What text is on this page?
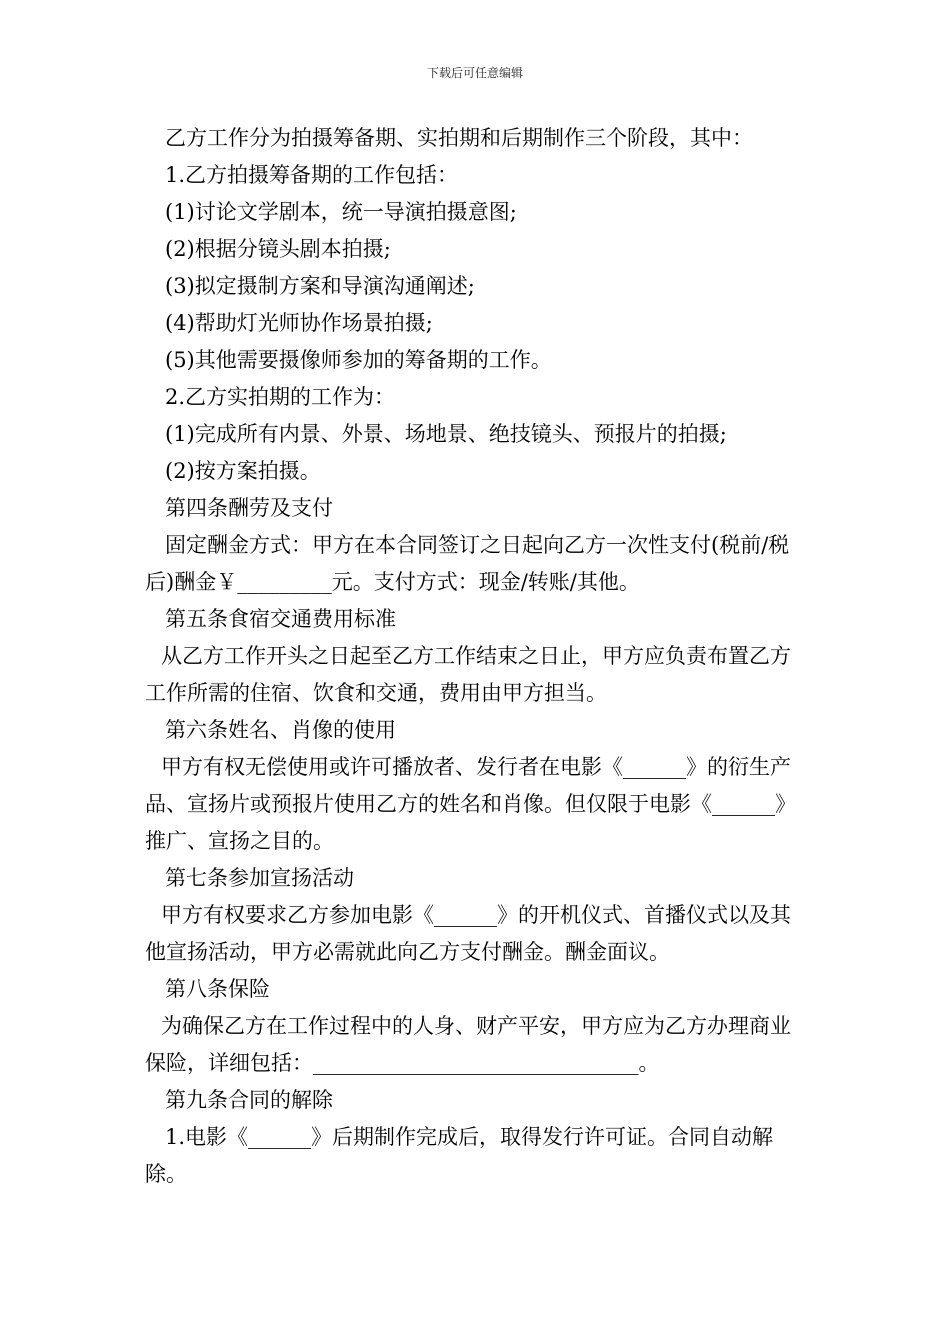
下载后可任意编辑

乙方工作分为拍摄筹备期、实拍期和后期制作三个阶段，其中：

1.乙方拍摄筹备期的工作包括：

(1)讨论文学剧本，统一导演拍摄意图;

(2)根据分镜头剧本拍摄;

(3)拟定摄制方案和导演沟通阐述;

(4)帮助灯光师协作场景拍摄;

(5)其他需要摄像师参加的筹备期的工作。

2.乙方实拍期的工作为：

(1)完成所有内景、外景、场地景、绝技镜头、预报片的拍摄;

(2)按方案拍摄。

第四条酬劳及支付

固定酬金方式：甲方在本合同签订之日起向乙方一次性支付(税前/税后)酬金￥_________元。支付方式：现金/转账/其他。

第五条食宿交通费用标准

从乙方工作开头之日起至乙方工作结束之日止，甲方应负责布置乙方工作所需的住宿、饮食和交通，费用由甲方担当。

第六条姓名、肖像的使用

甲方有权无偿使用或许可播放者、发行者在电影《______》的衍生产品、宣扬片或预报片使用乙方的姓名和肖像。但仅限于电影《______》推广、宣扬之目的。

第七条参加宣扬活动

甲方有权要求乙方参加电影《______》的开机仪式、首播仪式以及其他宣扬活动，甲方必需就此向乙方支付酬金。酬金面议。

第八条保险

为确保乙方在工作过程中的人身、财产平安，甲方应为乙方办理商业保险，详细包括：_______________________________。

第九条合同的解除

1.电影《______》后期制作完成后，取得发行许可证。合同自动解除。
